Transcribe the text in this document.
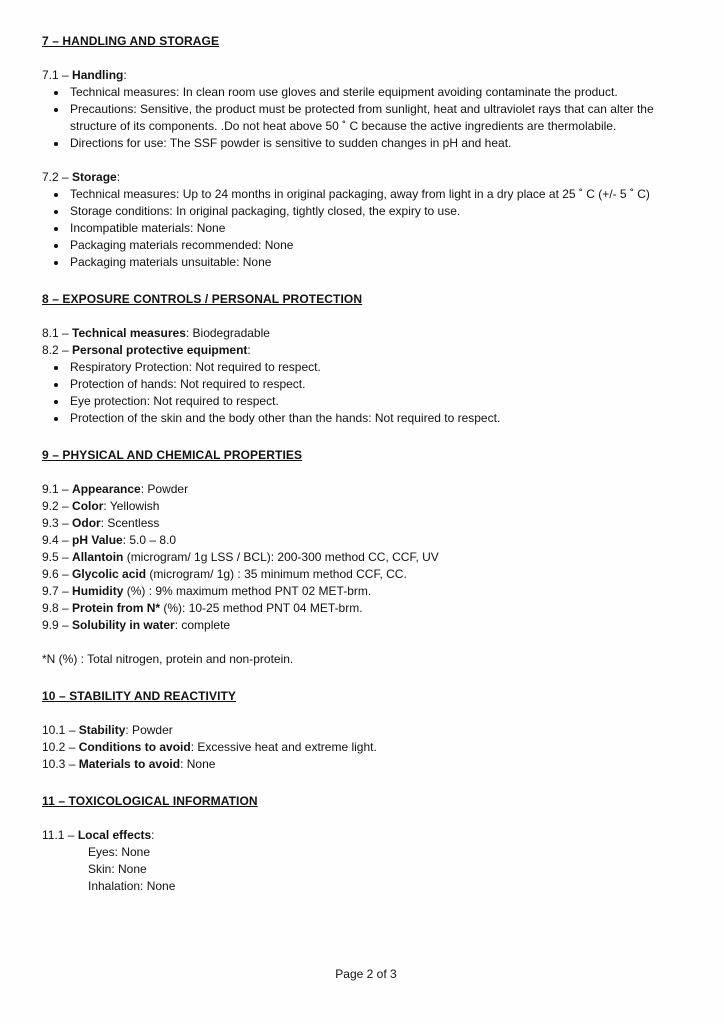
7 – HANDLING AND STORAGE
7.1 – Handling:
• Technical measures: In clean room use gloves and sterile equipment avoiding contaminate the product.
• Precautions: Sensitive, the product must be protected from sunlight, heat and ultraviolet rays that can alter the structure of its components. .Do not heat above 50 ˚ C because the active ingredients are thermolabile.
• Directions for use: The SSF powder is sensitive to sudden changes in pH and heat.
7.2 – Storage:
• Technical measures: Up to 24 months in original packaging, away from light in a dry place at 25 ˚ C (+/- 5 ˚ C)
• Storage conditions: In original packaging, tightly closed, the expiry to use.
• Incompatible materials: None
• Packaging materials recommended: None
• Packaging materials unsuitable: None
8 – EXPOSURE CONTROLS / PERSONAL PROTECTION
8.1 – Technical measures: Biodegradable
8.2 – Personal protective equipment:
• Respiratory Protection: Not required to respect.
• Protection of hands: Not required to respect.
• Eye protection: Not required to respect.
• Protection of the skin and the body other than the hands: Not required to respect.
9 – PHYSICAL AND CHEMICAL PROPERTIES
9.1 – Appearance: Powder
9.2 – Color: Yellowish
9.3 – Odor: Scentless
9.4 – pH Value: 5.0 – 8.0
9.5 – Allantoin (microgram/ 1g LSS / BCL): 200-300 method CC, CCF, UV
9.6 – Glycolic acid (microgram/ 1g) : 35 minimum method CCF, CC.
9.7 – Humidity (%) : 9% maximum method PNT 02 MET-brm.
9.8 – Protein from N* (%): 10-25 method PNT 04 MET-brm.
9.9 – Solubility in water: complete
*N (%) : Total nitrogen, protein and non-protein.
10 – STABILITY AND REACTIVITY
10.1 – Stability: Powder
10.2 – Conditions to avoid: Excessive heat and extreme light.
10.3 – Materials to avoid: None
11 – TOXICOLOGICAL INFORMATION
11.1 – Local effects:
Eyes: None
Skin: None
Inhalation: None
Page 2 of 3
